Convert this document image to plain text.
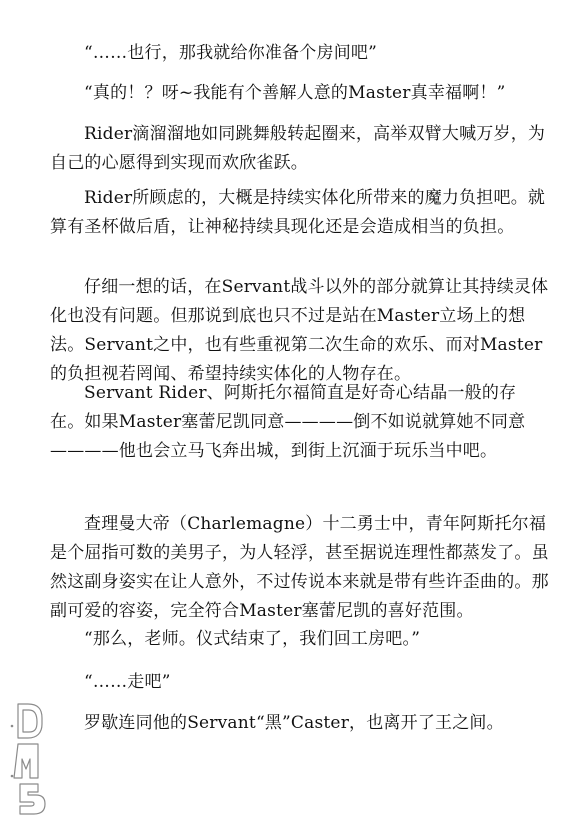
“……也行，那我就给你准备个房间吧”

“真的！？呀~我能有个善解人意的Master真幸福啊！”

Rider滴溜溜地如同跳舞般转起圈来，高举双臂大喊万岁，为自己的心愿得到实现而欢欣雀跃。

Rider所顾虑的，大概是持续实体化所带来的魔力负担吧。就算有圣杯做后盾，让神秘持续具现化还是会造成相当的负担。

仔细一想的话，在Servant战斗以外的部分就算让其持续灵体化也没有问题。但那说到底也只不过是站在Master立场上的想法。Servant之中，也有些重视第二次生命的欢乐、而对Master的负担视若罔闻、希望持续实体化的人物存在。

Servant Rider、阿斯托尔福简直是好奇心结晶一般的存在。如果Master塞蕾尼凯同意————倒不如说就算她不同意————他也会立马飞奔出城，到街上沉湎于玩乐当中吧。

查理曼大帝（Charlemagne）十二勇士中，青年阿斯托尔福是个屈指可数的美男子，为人轻浮，甚至据说连理性都蒸发了。虽然这副身姿实在让人意外，不过传说本来就是带有些许歪曲的。那副可爱的容姿，完全符合Master塞蕾尼凯的喜好范围。

“那么，老师。仪式结束了，我们回工房吧。”

“……走吧”

罗歇连同他的Servant“黑”Caster，也离开了王之间。
